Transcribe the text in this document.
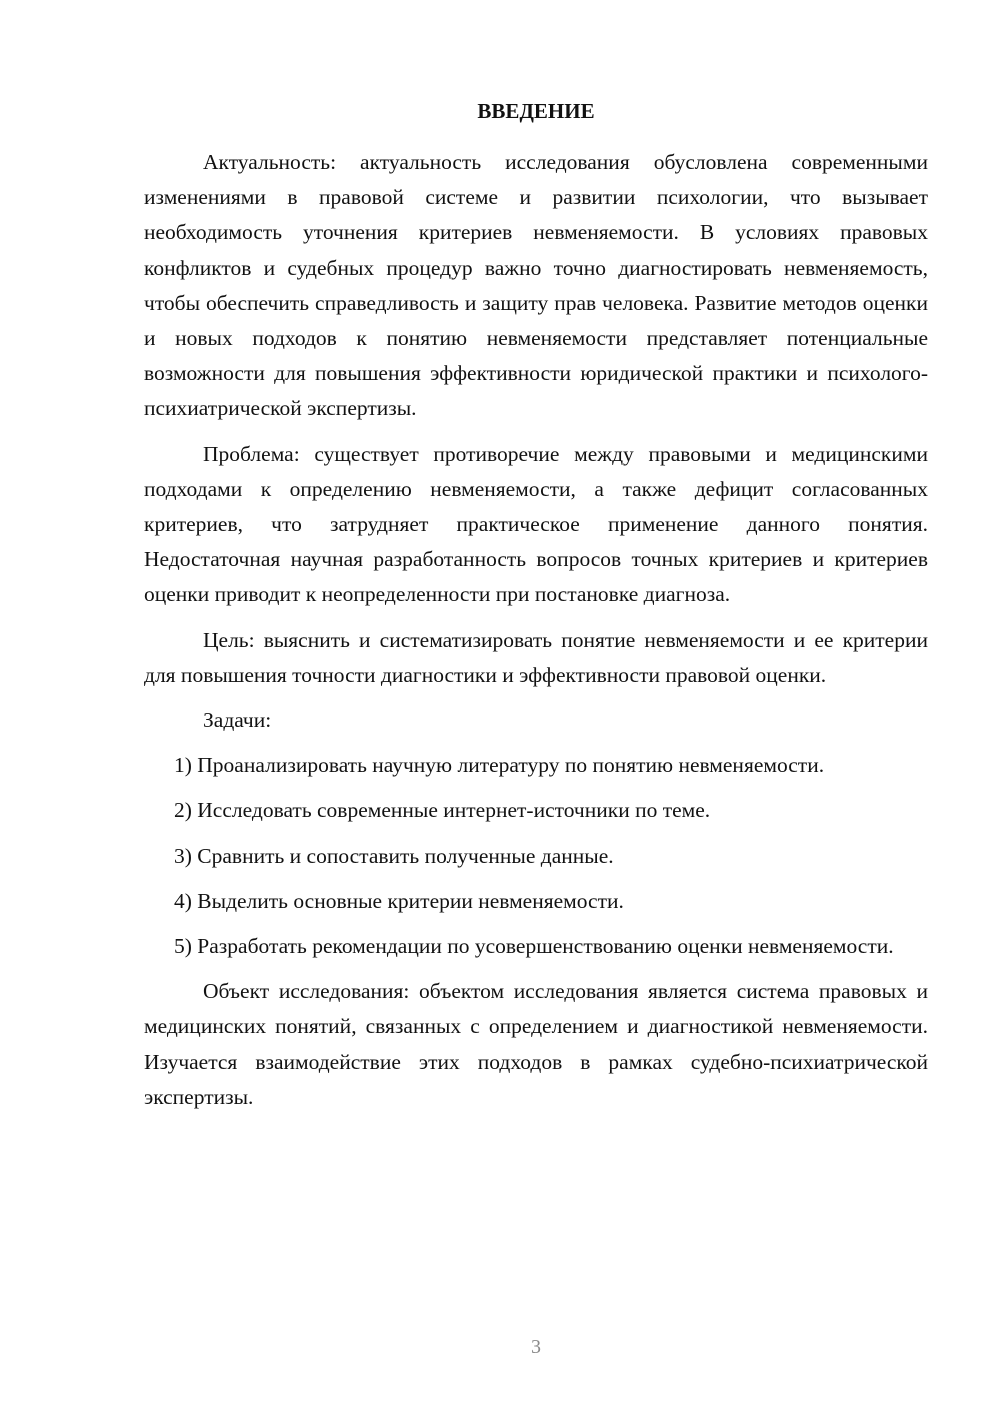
ВВЕДЕНИЕ

Актуальность: актуальность исследования обусловлена современными изменениями в правовой системе и развитии психологии, что вызывает необходимость уточнения критериев невменяемости. В условиях правовых конфликтов и судебных процедур важно точно диагностировать невменяемость, чтобы обеспечить справедливость и защиту прав человека. Развитие методов оценки и новых подходов к понятию невменяемости представляет потенциальные возможности для повышения эффективности юридической практики и психолого-психиатрической экспертизы.

Проблема: существует противоречие между правовыми и медицинскими подходами к определению невменяемости, а также дефицит согласованных критериев, что затрудняет практическое применение данного понятия. Недостаточная научная разработанность вопросов точных критериев и критериев оценки приводит к неопределенности при постановке диагноза.

Цель: выяснить и систематизировать понятие невменяемости и ее критерии для повышения точности диагностики и эффективности правовой оценки.

Задачи:

1) Проанализировать научную литературу по понятию невменяемости.

2) Исследовать современные интернет-источники по теме.

3) Сравнить и сопоставить полученные данные.

4) Выделить основные критерии невменяемости.

5) Разработать рекомендации по усовершенствованию оценки невменяемости.

Объект исследования: объектом исследования является система правовых и медицинских понятий, связанных с определением и диагностикой невменяемости. Изучается взаимодействие этих подходов в рамках судебно-психиатрической экспертизы.

3
